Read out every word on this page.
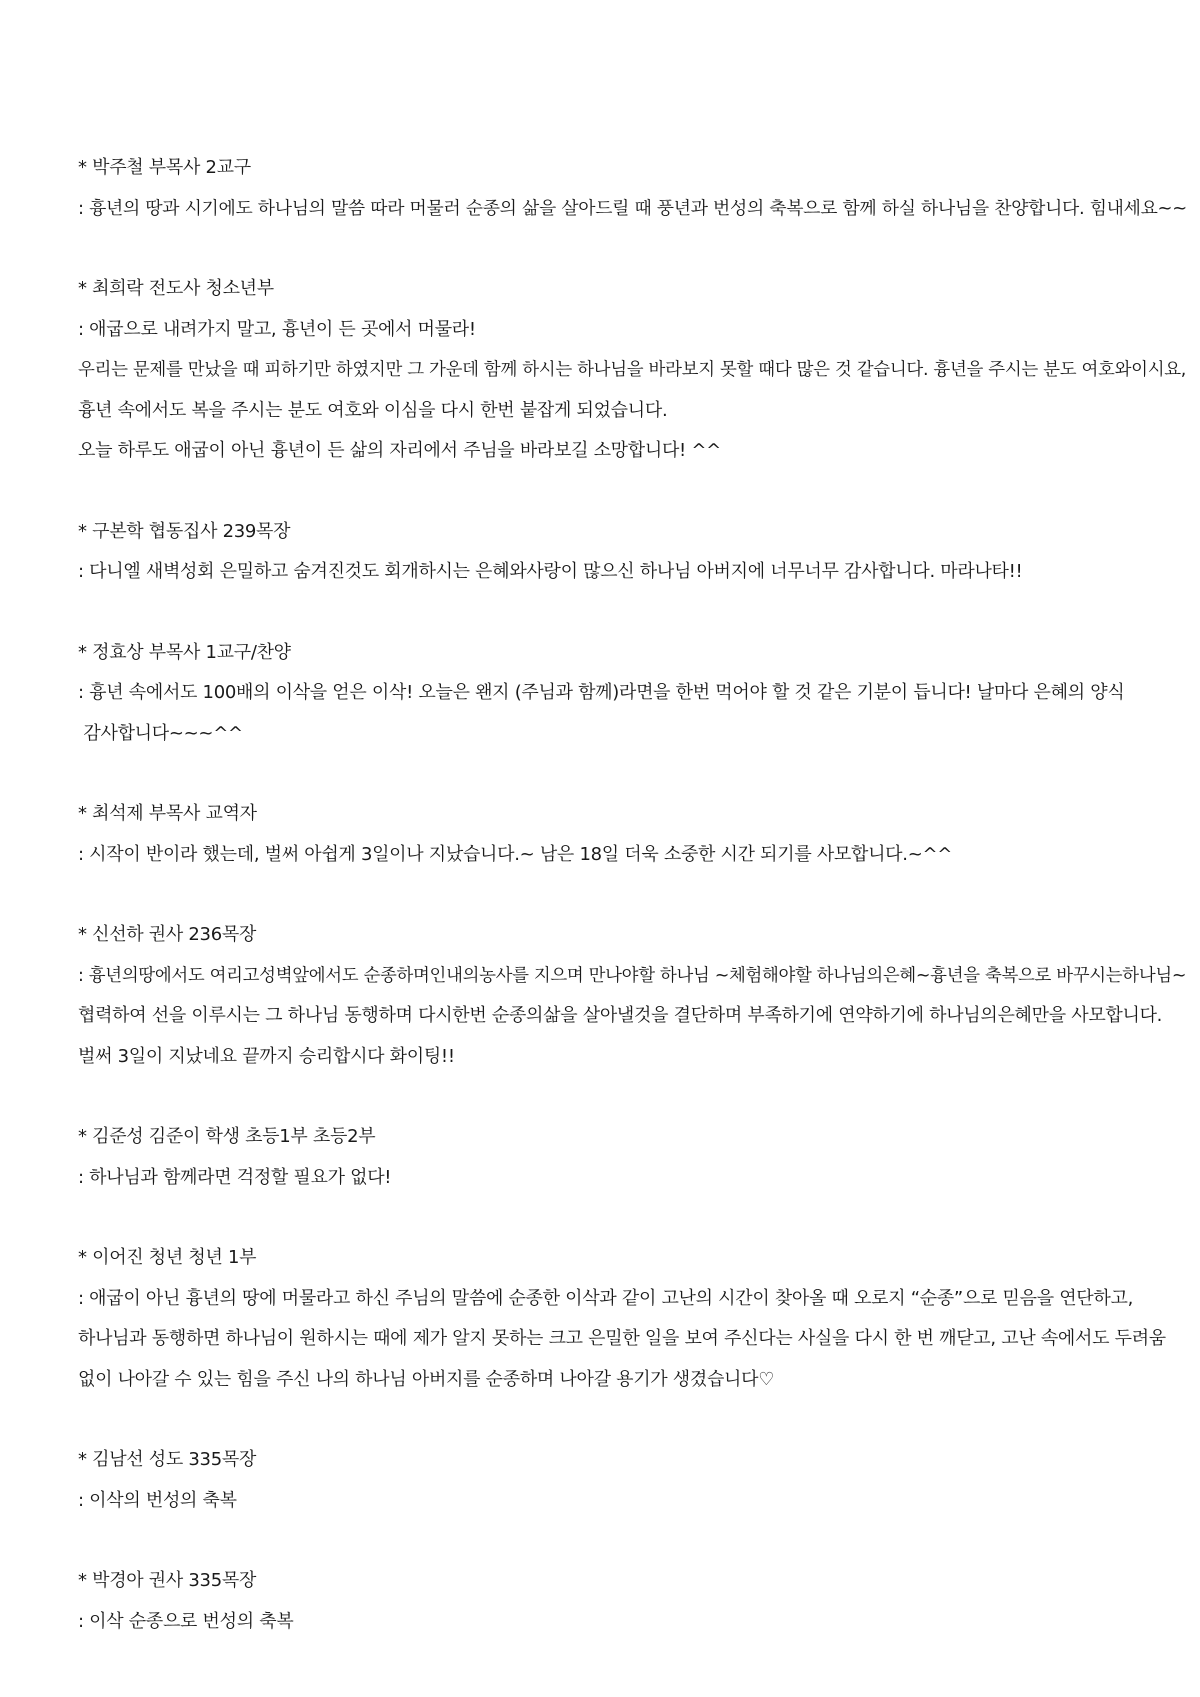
* 박주철 부목사 2교구
: 흉년의 땅과 시기에도 하나님의 말씀 따라 머물러 순종의 삶을 살아드릴 때 풍년과 번성의 축복으로 함께 하실 하나님을 찬양합니다. 힘내세요~~
* 최희락 전도사 청소년부
: 애굽으로 내려가지 말고, 흉년이 든 곳에서 머물라!
우리는 문제를 만났을 때 피하기만 하였지만 그 가운데 함께 하시는 하나님을 바라보지 못할 때다 많은 것 같습니다. 흉년을 주시는 분도 여호와이시요,
흉년 속에서도 복을 주시는 분도 여호와 이심을 다시 한번 붙잡게 되었습니다.
오늘 하루도 애굽이 아닌 흉년이 든 삶의 자리에서 주님을 바라보길 소망합니다! ^^
* 구본학 협동집사 239목장
: 다니엘 새벽성회 은밀하고 숨겨진것도 회개하시는 은혜와사랑이 많으신 하나님 아버지에 너무너무 감사합니다. 마라나타!!
* 정효상 부목사 1교구/찬양
: 흉년 속에서도 100배의 이삭을 얻은 이삭! 오늘은 왠지 (주님과 함께)라면을 한번 먹어야 할 것 같은 기분이 듭니다! 날마다 은혜의 양식
감사합니다~~~^^
* 최석제 부목사 교역자
: 시작이 반이라 했는데, 벌써 아쉽게 3일이나 지났습니다.~ 남은 18일 더욱 소중한 시간 되기를 사모합니다.~^^
* 신선하 권사 236목장
: 흉년의땅에서도 여리고성벽앞에서도 순종하며인내의농사를 지으며 만나야할 하나님 ~체험해야할 하나님의은혜~흉년을 축복으로 바꾸시는하나님~
협력하여 선을 이루시는 그 하나님 동행하며 다시한번 순종의삶을 살아낼것을 결단하며 부족하기에 연약하기에 하나님의은혜만을 사모합니다.
벌써 3일이 지났네요 끝까지 승리합시다 화이팅!!
* 김준성 김준이 학생 초등1부 초등2부
: 하나님과 함께라면 걱정할 필요가 없다!
* 이어진 청년 청년 1부
: 애굽이 아닌 흉년의 땅에 머물라고 하신 주님의 말씀에 순종한 이삭과 같이 고난의 시간이 찾아올 때 오로지 “순종”으로 믿음을 연단하고,
하나님과 동행하면 하나님이 원하시는 때에 제가 알지 못하는 크고 은밀한 일을 보여 주신다는 사실을 다시 한 번 깨닫고, 고난 속에서도 두려움
없이 나아갈 수 있는 힘을 주신 나의 하나님 아버지를 순종하며 나아갈 용기가 생겼습니다♡
* 김남선 성도 335목장
: 이삭의 번성의 축복
* 박경아 권사 335목장
: 이삭 순종으로 번성의 축복
